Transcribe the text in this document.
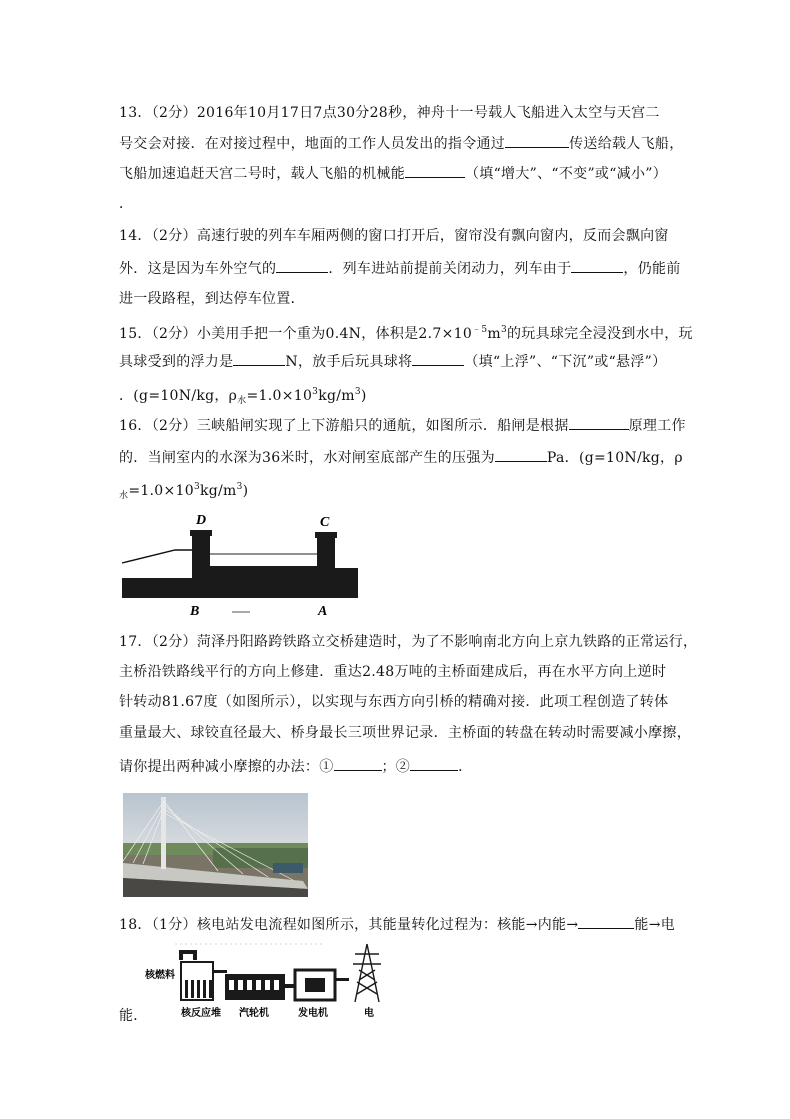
13．（2分）2016年10月17日7点30分28秒，神舟十一号载人飞船进入太空与天宫二
号交会对接．在对接过程中，地面的工作人员发出的指令通过	传送给载人飞船，
飞船加速追赶天宫二号时，载人飞船的机械能	（填“增大”、“不变”或“减小”）
．
14．（2分）高速行驶的列车车厢两侧的窗口打开后，窗帘没有飘向窗内，反而会飘向窗
外．这是因为车外空气的	．列车进站前提前关闭动力，列车由于	，仍能前
进一段路程，到达停车位置．
15．（2分）小美用手把一个重为0.4N，体积是$2.7\times 10^{﹣5}m^3$的玩具球完全浸没到水中，玩
具球受到的浮力是	N，放手后玩具球将	（填“上浮”、“下沉”或“悬浮”）
．(g=10N/kg，$\rho_水=1.0\times 10^3kg/m^3$)
16．（2分）三峡船闸实现了上下游船只的通航，如图所示．船闸是根据	原理工作
的．当闸室内的水深为36米时，水对闸室底部产生的压强为	Pa．(g=10N/kg，ρ
$_水=1.0\times 10^3kg/m^3$)
D	C
B	A
17．（2分）菏泽丹阳路跨铁路立交桥建造时，为了不影响南北方向上京九铁路的正常运行，
主桥沿铁路线平行的方向上修建．重达2.48万吨的主桥面建成后，再在水平方向上逆时
针转动81.67度（如图所示），以实现与东西方向引桥的精确对接．此项工程创造了转体
重量最大、球铰直径最大、桥身最长三项世界记录．主桥面的转盘在转动时需要减小摩擦，
请你提出两种减小摩擦的办法：①	；②	．
18．（1分）核电站发电流程如图所示，其能量转化过程为：核能→内能→	能→电
能．
核燃料
核反应堆 汽轮机	发电机	电
